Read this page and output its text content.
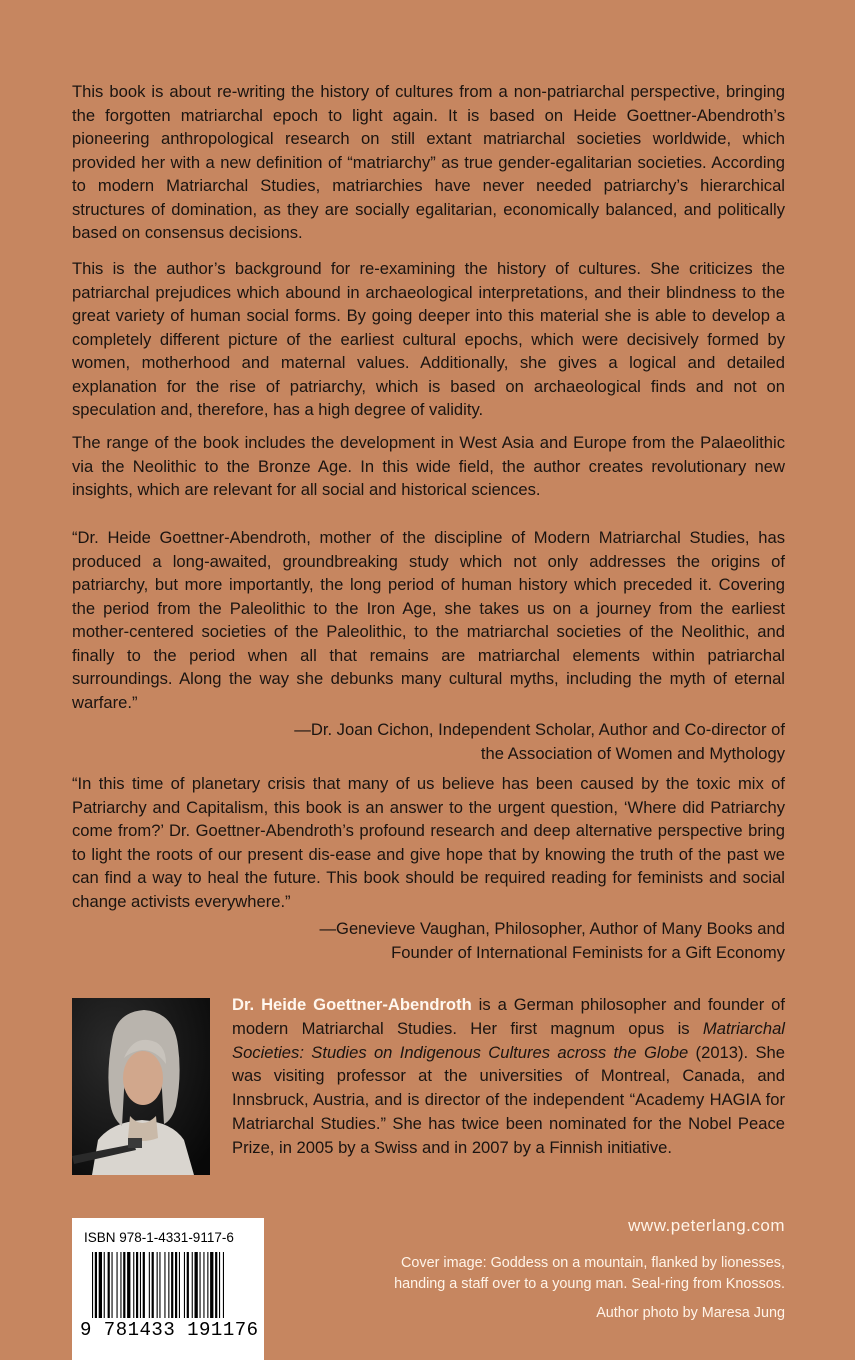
This book is about re-writing the history of cultures from a non-patriarchal perspective, bringing the forgotten matriarchal epoch to light again. It is based on Heide Goettner-Abendroth’s pioneering anthropological research on still extant matriarchal societies worldwide, which provided her with a new definition of “matriarchy” as true gender-egalitarian societies. According to modern Matriarchal Studies, matriarchies have never needed patriarchy’s hierarchical structures of domination, as they are socially egalitarian, economically balanced, and politically based on consensus decisions.

This is the author’s background for re-examining the history of cultures. She criticizes the patriarchal prejudices which abound in archaeological interpretations, and their blindness to the great variety of human social forms. By going deeper into this material she is able to develop a completely different picture of the earliest cultural epochs, which were decisively formed by women, motherhood and maternal values. Additionally, she gives a logical and detailed explanation for the rise of patriarchy, which is based on archaeological finds and not on speculation and, therefore, has a high degree of validity.

The range of the book includes the development in West Asia and Europe from the Palaeolithic via the Neolithic to the Bronze Age. In this wide field, the author creates revolutionary new insights, which are relevant for all social and historical sciences.

“Dr. Heide Goettner-Abendroth, mother of the discipline of Modern Matriarchal Studies, has produced a long-awaited, groundbreaking study which not only addresses the origins of patriarchy, but more importantly, the long period of human history which preceded it. Covering the period from the Paleolithic to the Iron Age, she takes us on a journey from the earliest mother-centered societies of the Paleolithic, to the matriarchal societies of the Neolithic, and finally to the period when all that remains are matriarchal elements within patriarchal surroundings. Along the way she debunks many cultural myths, including the myth of eternal warfare.”

—Dr. Joan Cichon, Independent Scholar, Author and Co-director of
the Association of Women and Mythology

“In this time of planetary crisis that many of us believe has been caused by the toxic mix of Patriarchy and Capitalism, this book is an answer to the urgent question, ‘Where did Patriarchy come from?’ Dr. Goettner-Abendroth’s profound research and deep alternative perspective bring to light the roots of our present dis-ease and give hope that by knowing the truth of the past we can find a way to heal the future. This book should be required reading for feminists and social change activists everywhere.”

—Genevieve Vaughan, Philosopher, Author of Many Books and
Founder of International Feminists for a Gift Economy

Dr. Heide Goettner-Abendroth is a German philosopher and founder of modern Matriarchal Studies. Her first magnum opus is Matriarchal Societies: Studies on Indigenous Cultures across the Globe (2013). She was visiting professor at the universities of Montreal, Canada, and Innsbruck, Austria, and is director of the independent “Academy HAGIA for Matriarchal Studies.” She has twice been nominated for the Nobel Peace Prize, in 2005 by a Swiss and in 2007 by a Finnish initiative.

ISBN 978-1-4331-9117-6
9 781433 191176
www.peterlang.com
Cover image: Goddess on a mountain, flanked by lionesses,
handing a staff over to a young man. Seal-ring from Knossos.
Author photo by Maresa Jung
